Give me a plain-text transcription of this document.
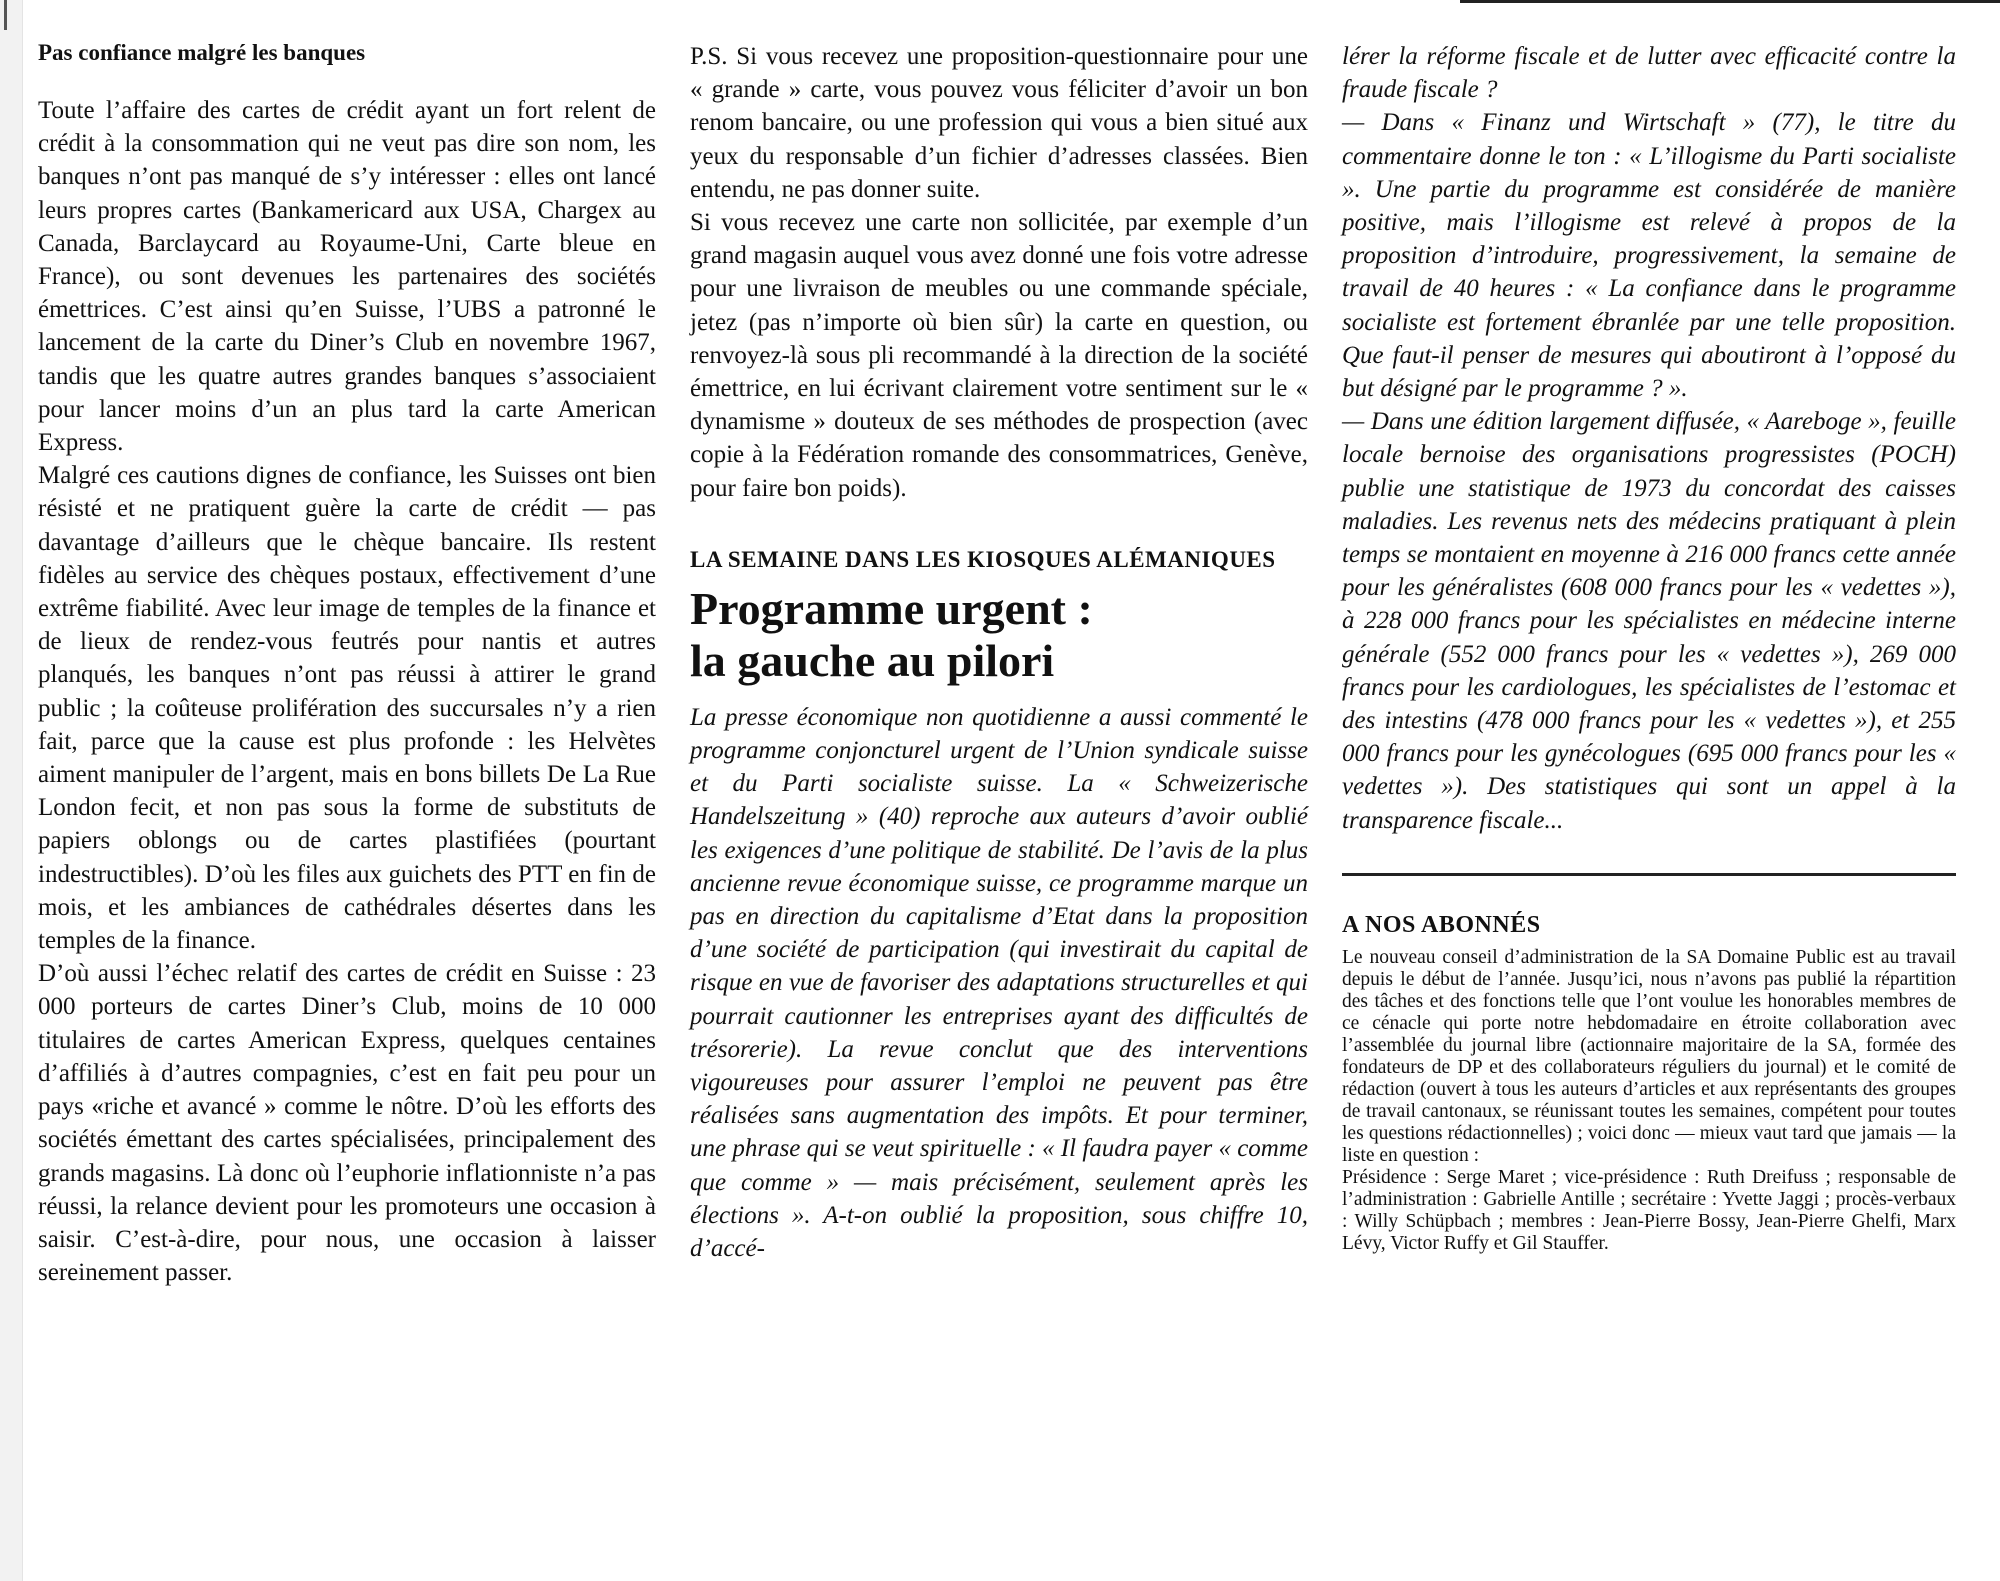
Pas confiance malgré les banques

Toute l’affaire des cartes de crédit ayant un fort relent de crédit à la consommation qui ne veut pas dire son nom, les banques n’ont pas manqué de s’y intéresser : elles ont lancé leurs propres cartes (Bankamericard aux USA, Chargex au Canada, Barclaycard au Royaume-Uni, Carte bleue en France), ou sont devenues les partenaires des sociétés émettrices. C’est ainsi qu’en Suisse, l’UBS a patronné le lancement de la carte du Diner’s Club en novembre 1967, tandis que les quatre autres grandes banques s’associaient pour lancer moins d’un an plus tard la carte American Express.

Malgré ces cautions dignes de confiance, les Suisses ont bien résisté et ne pratiquent guère la carte de crédit — pas davantage d’ailleurs que le chèque bancaire. Ils restent fidèles au service des chèques postaux, effectivement d’une extrême fiabilité. Avec leur image de temples de la finance et de lieux de rendez-vous feutrés pour nantis et autres planqués, les banques n’ont pas réussi à attirer le grand public ; la coûteuse prolifération des succursales n’y a rien fait, parce que la cause est plus profonde : les Helvètes aiment manipuler de l’argent, mais en bons billets De La Rue London fecit, et non pas sous la forme de substituts de papiers oblongs ou de cartes plastifiées (pourtant indestructibles). D’où les files aux guichets des PTT en fin de mois, et les ambiances de cathédrales désertes dans les temples de la finance.

D’où aussi l’échec relatif des cartes de crédit en Suisse : 23 000 porteurs de cartes Diner’s Club, moins de 10 000 titulaires de cartes American Express, quelques centaines d’affiliés à d’autres compagnies, c’est en fait peu pour un pays «riche et avancé » comme le nôtre. D’où les efforts des sociétés émettant des cartes spécialisées, principalement des grands magasins. Là donc où l’euphorie inflationniste n’a pas réussi, la relance devient pour les promoteurs une occasion à saisir. C’est-à-dire, pour nous, une occasion à laisser sereinement passer.

P.S. Si vous recevez une proposition-questionnaire pour une « grande » carte, vous pouvez vous féliciter d’avoir un bon renom bancaire, ou une profession qui vous a bien situé aux yeux du responsable d’un fichier d’adresses classées. Bien entendu, ne pas donner suite.

Si vous recevez une carte non sollicitée, par exemple d’un grand magasin auquel vous avez donné une fois votre adresse pour une livraison de meubles ou une commande spéciale, jetez (pas n’importe où bien sûr) la carte en question, ou renvoyez-là sous pli recommandé à la direction de la société émettrice, en lui écrivant clairement votre sentiment sur le « dynamisme » douteux de ses méthodes de prospection (avec copie à la Fédération romande des consommatrices, Genève, pour faire bon poids).

LA SEMAINE DANS LES KIOSQUES ALÉMANIQUES

Programme urgent :
la gauche au pilori

La presse économique non quotidienne a aussi commenté le programme conjoncturel urgent de l’Union syndicale suisse et du Parti socialiste suisse. La « Schweizerische Handelszeitung » (40) reproche aux auteurs d’avoir oublié les exigences d’une politique de stabilité. De l’avis de la plus ancienne revue économique suisse, ce programme marque un pas en direction du capitalisme d’Etat dans la proposition d’une société de participation (qui investirait du capital de risque en vue de favoriser des adaptations structurelles et qui pourrait cautionner les entreprises ayant des difficultés de trésorerie). La revue conclut que des interventions vigoureuses pour assurer l’emploi ne peuvent pas être réalisées sans augmentation des impôts. Et pour terminer, une phrase qui se veut spirituelle : « Il faudra payer « comme que comme » — mais précisément, seulement après les élections ». A-t-on oublié la proposition, sous chiffre 10, d’accé-

lérer la réforme fiscale et de lutter avec efficacité contre la fraude fiscale ?

— Dans « Finanz und Wirtschaft » (77), le titre du commentaire donne le ton : « L’illogisme du Parti socialiste ». Une partie du programme est considérée de manière positive, mais l’illogisme est relevé à propos de la proposition d’introduire, progressivement, la semaine de travail de 40 heures : « La confiance dans le programme socialiste est fortement ébranlée par une telle proposition. Que faut-il penser de mesures qui aboutiront à l’opposé du but désigné par le programme ? ».

— Dans une édition largement diffusée, « Aareboge », feuille locale bernoise des organisations progressistes (POCH) publie une statistique de 1973 du concordat des caisses maladies. Les revenus nets des médecins pratiquant à plein temps se montaient en moyenne à 216 000 francs cette année pour les généralistes (608 000 francs pour les « vedettes »), à 228 000 francs pour les spécialistes en médecine interne générale (552 000 francs pour les « vedettes »), 269 000 francs pour les cardiologues, les spécialistes de l’estomac et des intestins (478 000 francs pour les « vedettes »), et 255 000 francs pour les gynécologues (695 000 francs pour les « vedettes »). Des statistiques qui sont un appel à la transparence fiscale...

A NOS ABONNÉS

Le nouveau conseil d’administration de la SA Domaine Public est au travail depuis le début de l’année. Jusqu’ici, nous n’avons pas publié la répartition des tâches et des fonctions telle que l’ont voulue les honorables membres de ce cénacle qui porte notre hebdomadaire en étroite collaboration avec l’assemblée du journal libre (actionnaire majoritaire de la SA, formée des fondateurs de DP et des collaborateurs réguliers du journal) et le comité de rédaction (ouvert à tous les auteurs d’articles et aux représentants des groupes de travail cantonaux, se réunissant toutes les semaines, compétent pour toutes les questions rédactionnelles) ; voici donc — mieux vaut tard que jamais — la liste en question :

Présidence : Serge Maret ; vice-présidence : Ruth Dreifuss ; responsable de l’administration : Gabrielle Antille ; secrétaire : Yvette Jaggi ; procès-verbaux : Willy Schüpbach ; membres : Jean-Pierre Bossy, Jean-Pierre Ghelfi, Marx Lévy, Victor Ruffy et Gil Stauffer.
